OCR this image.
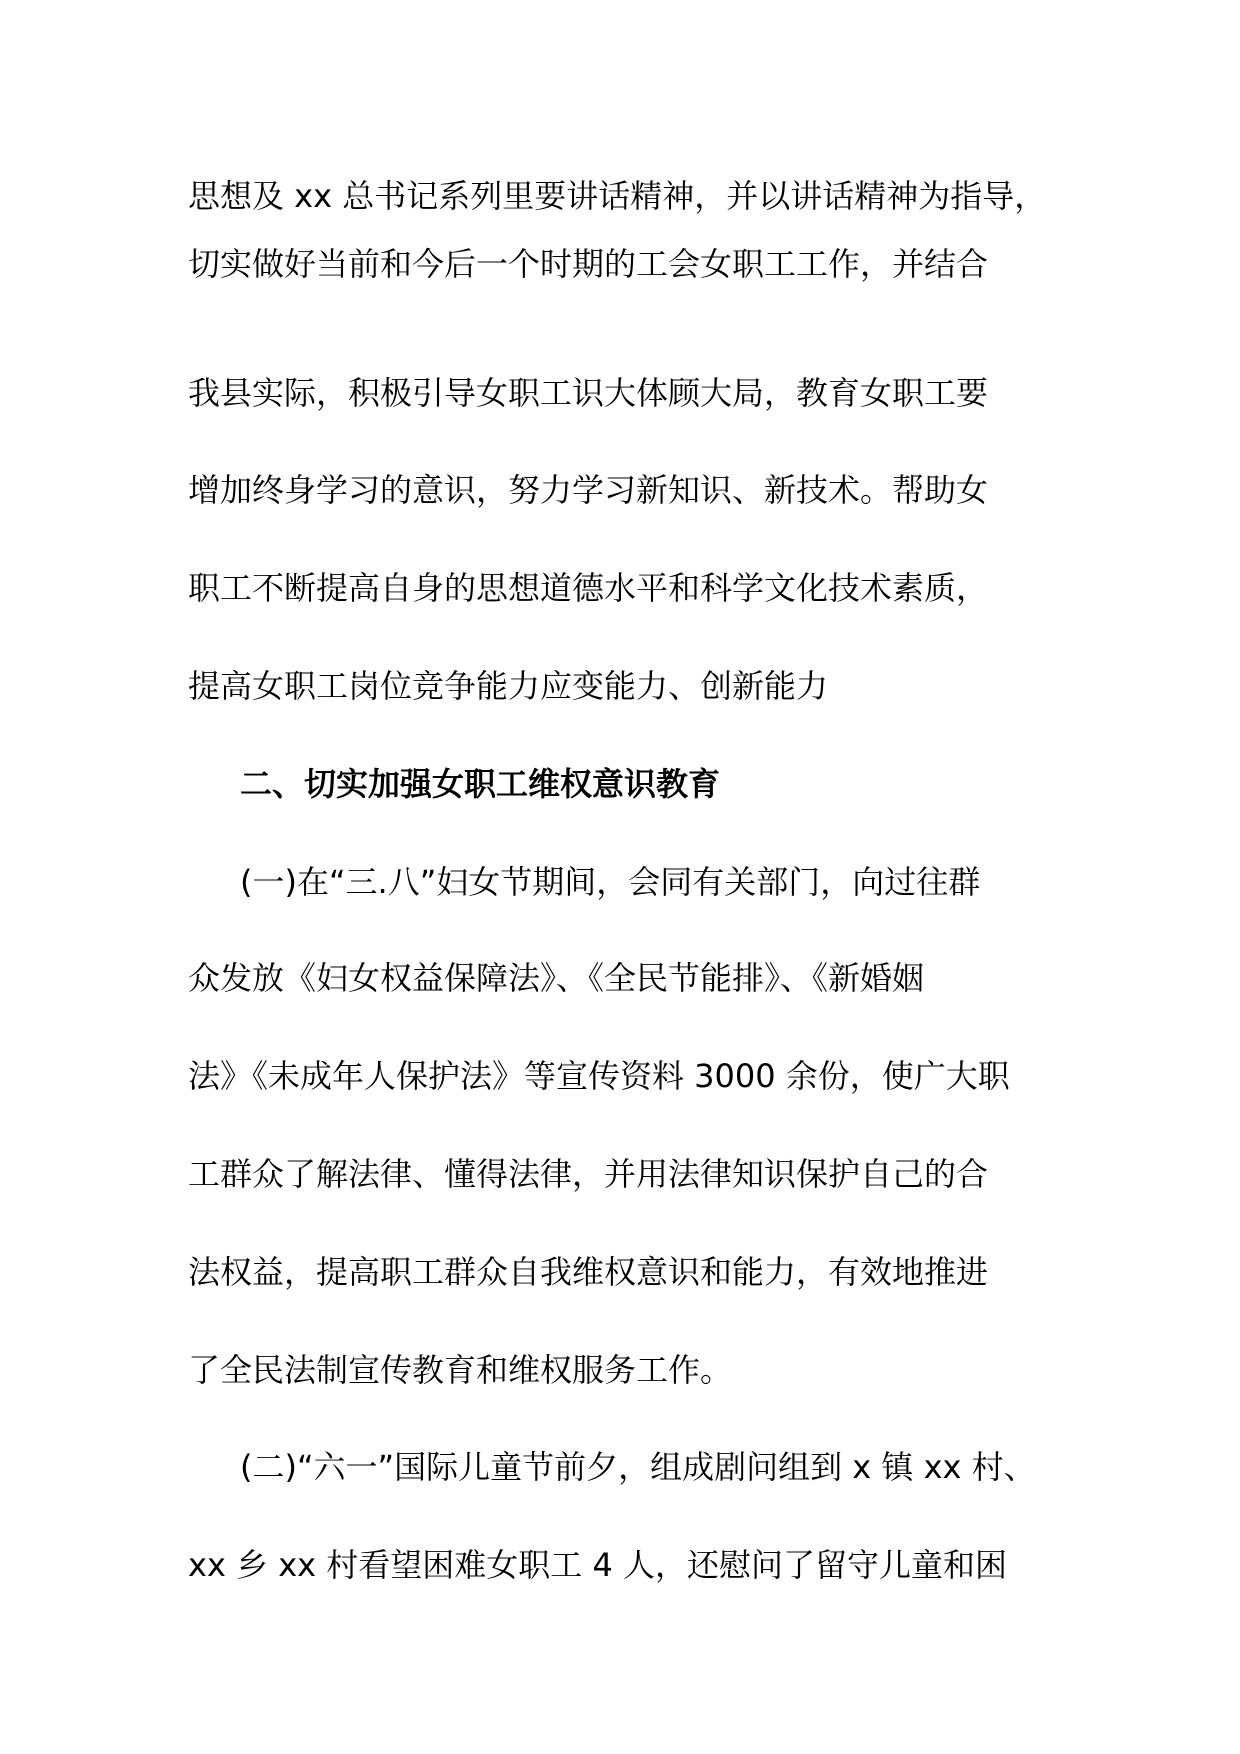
思想及 xx 总书记系列里要讲话精神，并以讲话精神为指导，

切实做好当前和今后一个时期的工会女职工工作，并结合

我县实际，积极引导女职工识大体顾大局，教育女职工要

增加终身学习的意识，努力学习新知识、新技术。帮助女

职工不断提高自身的思想道德水平和科学文化技术素质，

提高女职工岗位竞争能力应变能力、创新能力

二、切实加强女职工维权意识教育

(一)在“三.八”妇女节期间，会同有关部门，向过往群

众发放《妇女权益保障法》、《全民节能排》、《新婚姻

法》《未成年人保护法》等宣传资料 3000 余份，使广大职

工群众了解法律、懂得法律，并用法律知识保护自己的合

法权益，提高职工群众自我维权意识和能力，有效地推进

了全民法制宣传教育和维权服务工作。

(二)“六一”国际儿童节前夕，组成剧问组到 x 镇 xx 村、

xx 乡 xx 村看望困难女职工 4 人，还慰问了留守儿童和困
